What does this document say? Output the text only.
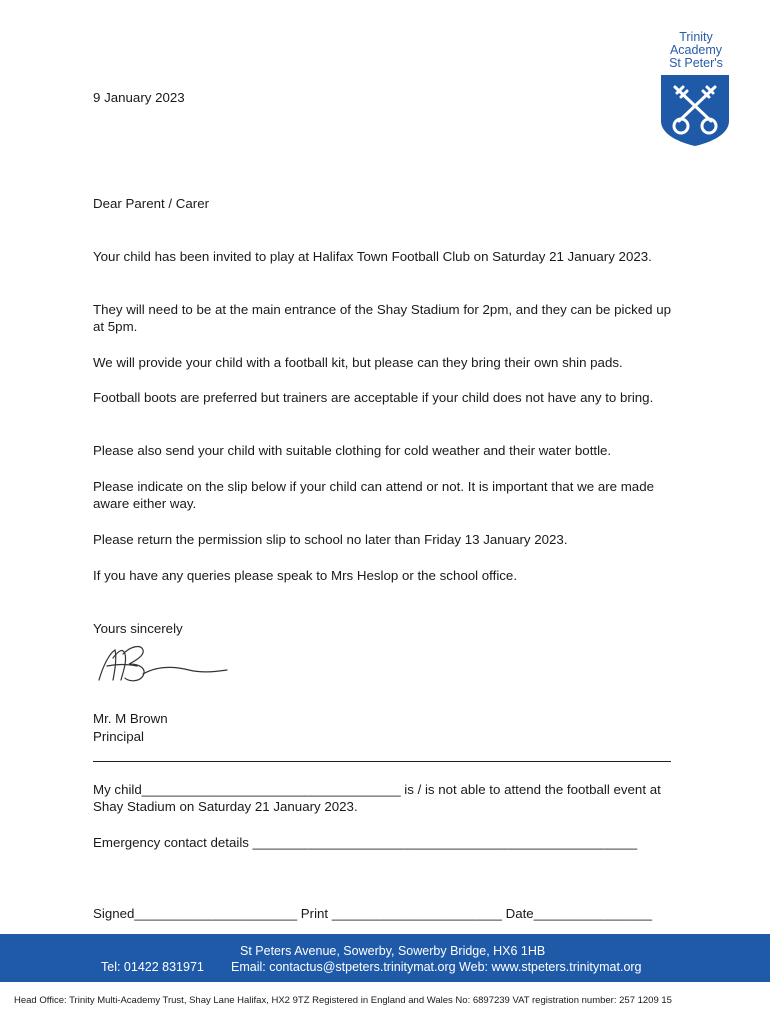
Trinity
Academy
St Peter's
9 January 2023
Dear Parent / Carer
Your child has been invited to play at Halifax Town Football Club on Saturday 21 January 2023.
They will need to be at the main entrance of the Shay Stadium for 2pm, and they can be picked up at 5pm.
We will provide your child with a football kit, but please can they bring their own shin pads.
Football boots are preferred but trainers are acceptable if your child does not have any to bring.
Please also send your child with suitable clothing for cold weather and their water bottle.
Please indicate on the slip below if your child can attend or not. It is important that we are made aware either way.
Please return the permission slip to school no later than Friday 13 January 2023.
If you have any queries please speak to Mrs Heslop or the school office.
Yours sincerely
Mr. M Brown
Principal
My child___________________________________ is / is not able to attend the football event at Shay Stadium on Saturday 21 January 2023.
Emergency contact details ____________________________________________________
Signed______________________ Print _______________________ Date________________
St Peters Avenue, Sowerby, Sowerby Bridge, HX6 1HB
Tel: 01422 831971 Email: contactus@stpeters.trinitymat.org Web: www.stpeters.trinitymat.org
Head Office: Trinity Multi-Academy Trust, Shay Lane Halifax, HX2 9TZ Registered in England and Wales No: 6897239 VAT registration number: 257 1209 15
